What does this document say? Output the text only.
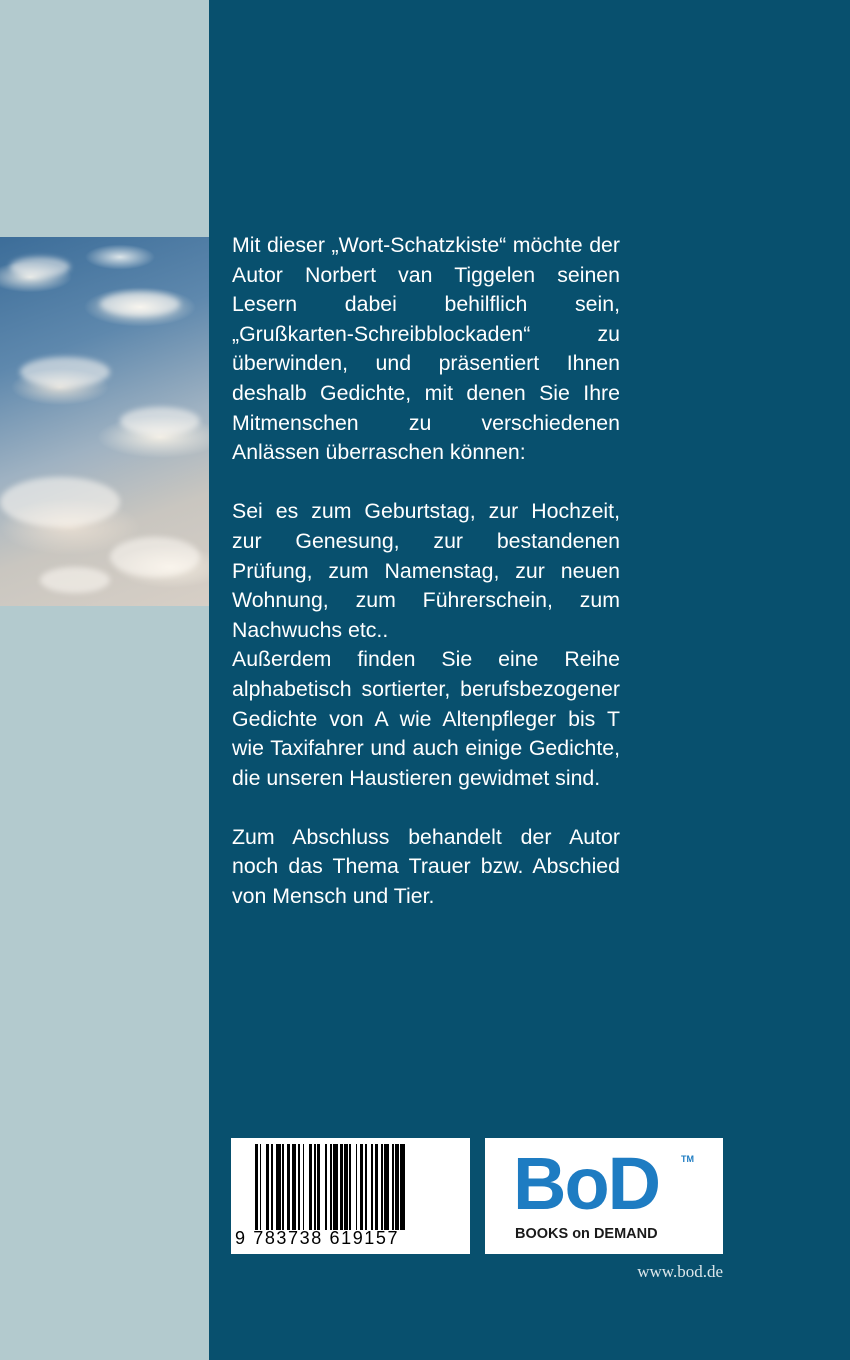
Mit dieser „Wort-Schatzkiste“ möchte der Autor Norbert van Tiggelen seinen Lesern dabei behilflich sein, „Grußkarten-Schreibblockaden“ zu überwinden, und präsentiert Ihnen deshalb Gedichte, mit denen Sie Ihre Mitmenschen zu verschiedenen Anlässen überraschen können:

Sei es zum Geburtstag, zur Hochzeit, zur Genesung, zur bestandenen Prüfung, zum Namenstag, zur neuen Wohnung, zum Führerschein, zum Nachwuchs etc..

Außerdem finden Sie eine Reihe alphabetisch sortierter, berufsbezogener Gedichte von A wie Altenpfleger bis T wie Taxifahrer und auch einige Gedichte, die unseren Haustieren gewidmet sind.

Zum Abschluss behandelt der Autor noch das Thema Trauer bzw. Abschied von Mensch und Tier.

9 783738 619157
BoD TM
BOOKS on DEMAND
www.bod.de
